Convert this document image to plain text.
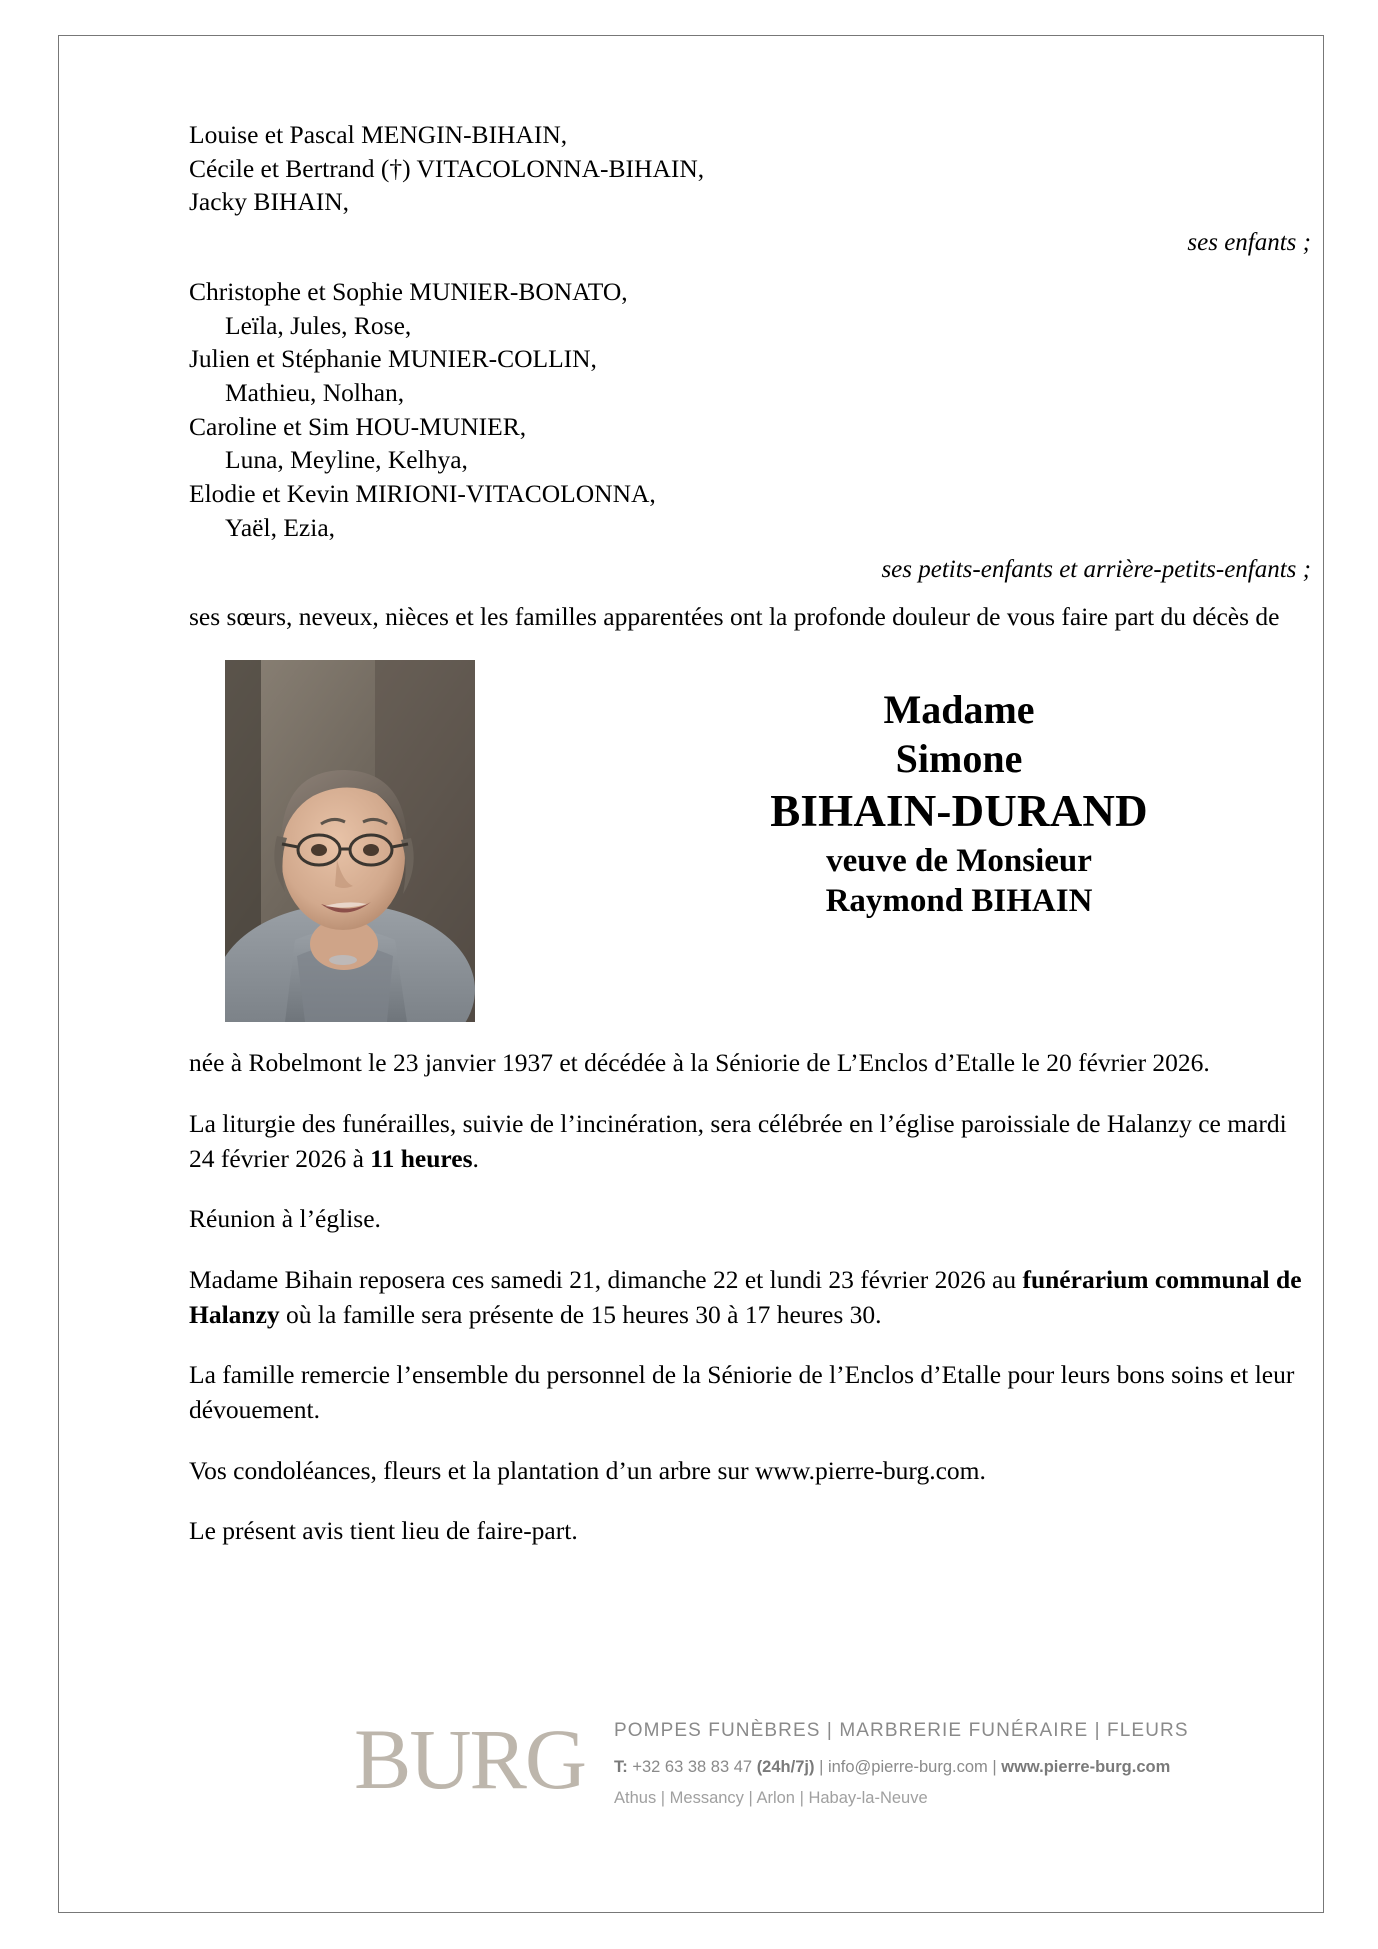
Louise et Pascal MENGIN-BIHAIN,
Cécile et Bertrand (†) VITACOLONNA-BIHAIN,
Jacky BIHAIN,
ses enfants ;
Christophe et Sophie MUNIER-BONATO,
Leïla, Jules, Rose,
Julien et Stéphanie MUNIER-COLLIN,
Mathieu, Nolhan,
Caroline et Sim HOU-MUNIER,
Luna, Meyline, Kelhya,
Elodie et Kevin MIRIONI-VITACOLONNA,
Yaël, Ezia,
ses petits-enfants et arrière-petits-enfants ;
ses sœurs, neveux, nièces et les familles apparentées ont la profonde douleur de vous faire part du décès de
Madame
Simone
BIHAIN-DURAND
veuve de Monsieur
Raymond BIHAIN

née à Robelmont le 23 janvier 1937 et décédée à la Séniorie de L’Enclos d’Etalle le 20 février 2026.

La liturgie des funérailles, suivie de l’incinération, sera célébrée en l’église paroissiale de Halanzy ce mardi 24 février 2026 à 11 heures.

Réunion à l’église.

Madame Bihain reposera ces samedi 21, dimanche 22 et lundi 23 février 2026 au funérarium communal de Halanzy où la famille sera présente de 15 heures 30 à 17 heures 30.

La famille remercie l’ensemble du personnel de la Séniorie de l’Enclos d’Etalle pour leurs bons soins et leur dévouement.

Vos condoléances, fleurs et la plantation d’un arbre sur www.pierre-burg.com.

Le présent avis tient lieu de faire-part.

BURG	POMPES FUNÈBRES | MARBRERIE FUNÉRAIRE | FLEURS
T: +32 63 38 83 47 (24h/7j) | info@pierre-burg.com | www.pierre-burg.com
Athus | Messancy | Arlon | Habay-la-Neuve
